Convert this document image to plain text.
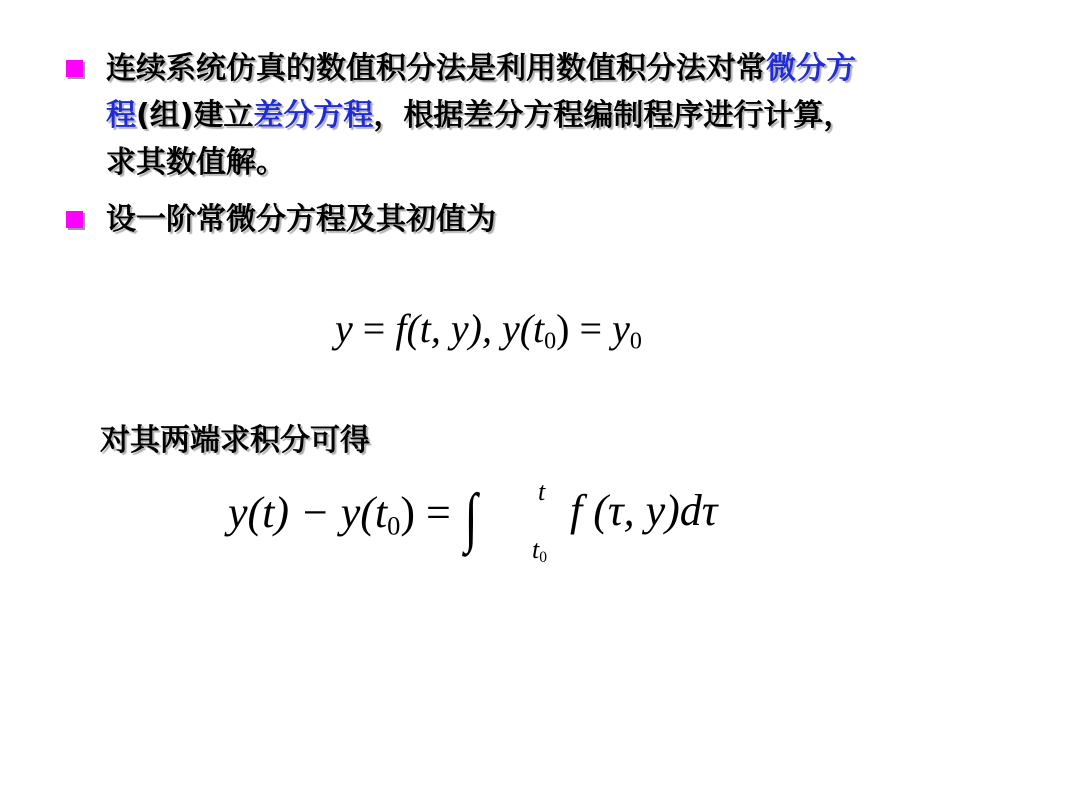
连续系统仿真的数值积分法是利用数值积分法对常微分方
程(组)建立差分方程，根据差分方程编制程序进行计算，
求其数值解。
设一阶常微分方程及其初值为
y = f(t, y), $y(t_0) = y_0$
对其两端求积分可得
$y(t) - y(t_0)$ = ∫ t
$t_0$
f (τ, y)dτ
